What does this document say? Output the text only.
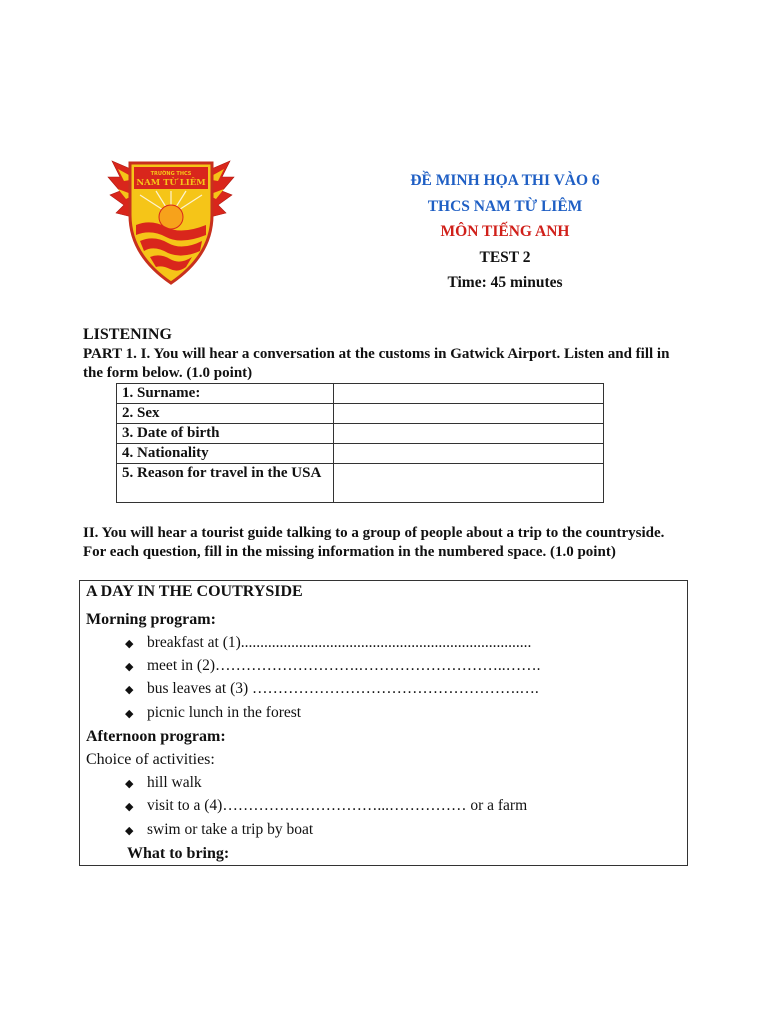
TRƯỜNG THCS
NAM TỪ LIÊM	ĐỀ MINH HỌA THI VÀO 6
THCS NAM TỪ LIÊM
MÔN TIẾNG ANH
TEST 2
Time: 45 minutes
LISTENING
PART 1. I. You will hear a conversation at the customs in Gatwick Airport. Listen and fill in the form below. (1.0 point)
1. Surname:	
2. Sex	
3. Date of birth	
4. Nationality	
5. Reason for travel in the USA	
II. You will hear a tourist guide talking to a group of people about a trip to the countryside. For each question, fill in the missing information in the numbered space. (1.0 point)
A DAY IN THE COUTRYSIDE
Morning program:
◆ breakfast at (1)...........................................................................
◆ meet in (2)……………………….………………………..…….
◆ bus leaves at (3) …………………………………………….….
◆ picnic lunch in the forest
Afternoon program:
Choice of activities:
◆ hill walk
◆ visit to a (4)…………………………...…………… or a farm
◆ swim or take a trip by boat
What to bring:
